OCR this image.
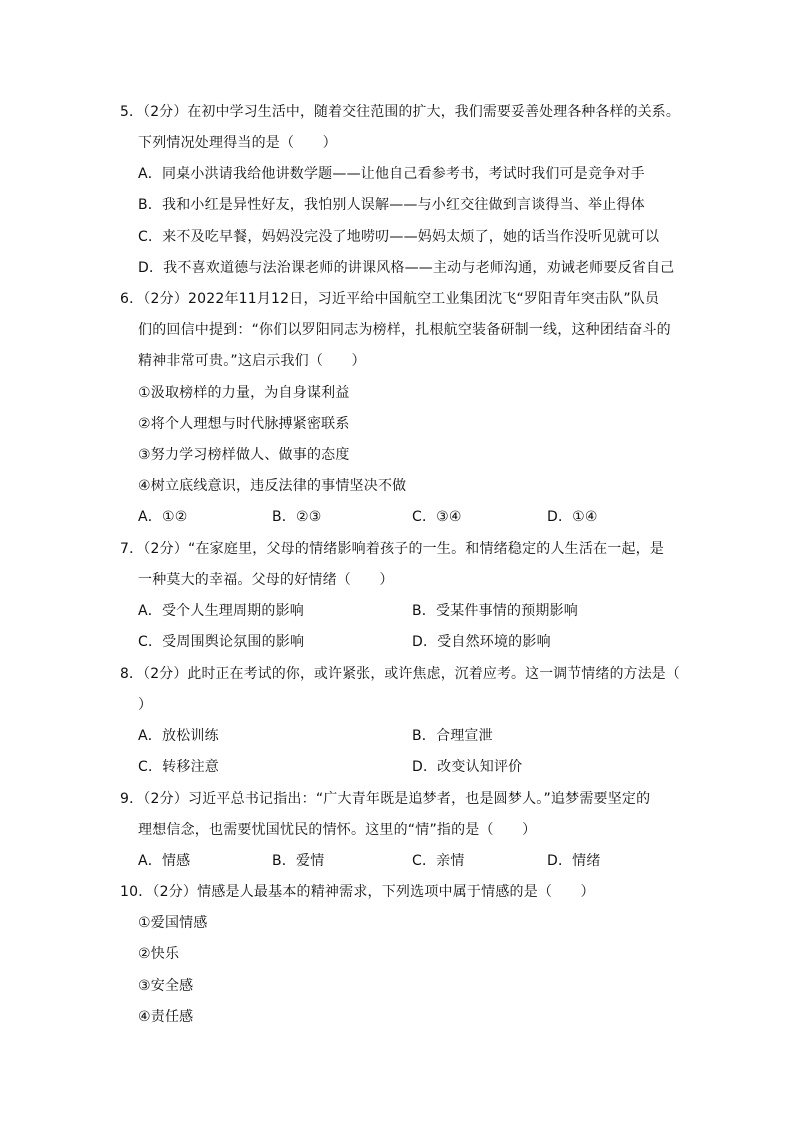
5．（2分）在初中学习生活中，随着交往范围的扩大，我们需要妥善处理各种各样的关系。
下列情况处理得当的是（　　）
A．同桌小洪请我给他讲数学题——让他自己看参考书，考试时我们可是竞争对手
B．我和小红是异性好友，我怕别人误解——与小红交往做到言谈得当、举止得体
C．来不及吃早餐，妈妈没完没了地唠叨——妈妈太烦了，她的话当作没听见就可以
D．我不喜欢道德与法治课老师的讲课风格——主动与老师沟通，劝诫老师要反省自己
6．（2分）2022年11月12日，习近平给中国航空工业集团沈飞“罗阳青年突击队”队员
们的回信中提到：“你们以罗阳同志为榜样，扎根航空装备研制一线，这种团结奋斗的
精神非常可贵。”这启示我们（　　）
①汲取榜样的力量，为自身谋利益
②将个人理想与时代脉搏紧密联系
③努力学习榜样做人、做事的态度
④树立底线意识，违反法律的事情坚决不做
A．①②	B．②③	C．③④	D．①④
7．（2分）“在家庭里，父母的情绪影响着孩子的一生。和情绪稳定的人生活在一起，是
一种莫大的幸福。父母的好情绪（　　）
A．受个人生理周期的影响	B．受某件事情的预期影响
C．受周围舆论氛围的影响	D．受自然环境的影响
8．（2分）此时正在考试的你，或许紧张，或许焦虑，沉着应考。这一调节情绪的方法是（
）
A．放松训练	B．合理宣泄
C．转移注意	D．改变认知评价
9．（2分）习近平总书记指出：“广大青年既是追梦者，也是圆梦人。”追梦需要坚定的
理想信念，也需要忧国忧民的情怀。这里的“情”指的是（　　）
A．情感	B．爱情	C．亲情	D．情绪
10．（2分）情感是人最基本的精神需求，下列选项中属于情感的是（　　）
①爱国情感
②快乐
③安全感
④责任感
